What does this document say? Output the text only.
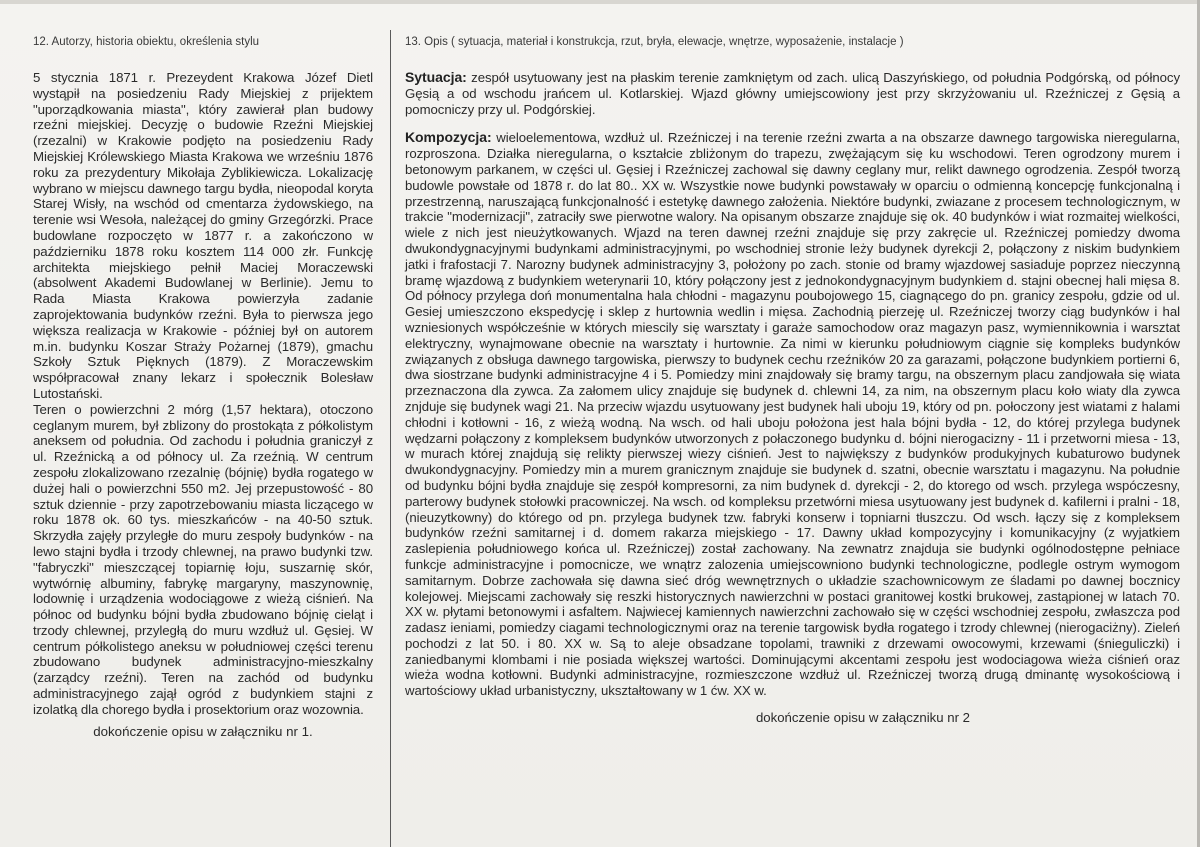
12. Autorzy, historia obiektu, określenia stylu

5 stycznia 1871 r. Prezeydent Krakowa Józef Dietl wystąpił na posiedzeniu Rady Miejskiej z prijektem "uporządkowania miasta", który zawierał plan budowy rzeźni miejskiej. Decyzję o budowie Rzeźni Miejskiej (rzezalni) w Krakowie podjęto na posiedzeniu Rady Miejskiej Królewskiego Miasta Krakowa we wrześniu 1876 roku za prezydentury Mikołaja Zyblikiewicza. Lokalizację wybrano w miejscu dawnego targu bydła, nieopodal koryta Starej Wisły, na wschód od cmentarza żydowskiego, na terenie wsi Wesoła, należącej do gminy Grzegórzki. Prace budowlane rozpoczęto w 1877 r. a zakończono w październiku 1878 roku kosztem 114 000 złr. Funkcję architekta miejskiego pełnił Maciej Moraczewski (absolwent Akademi Budowlanej w Berlinie). Jemu to Rada Miasta Krakowa powierzyła zadanie zaprojektowania budynków rzeźni. Była to pierwsza jego większa realizacja w Krakowie - później był on autorem m.in. budynku Koszar Straży Pożarnej (1879), gmachu Szkoły Sztuk Pięknych (1879). Z Moraczewskim współpracował znany lekarz i społecznik Bolesław Lutostański.

Teren o powierzchni 2 mórg (1,57 hektara), otoczono ceglanym murem, był zblizony do prostokąta z półkolistym aneksem od południa. Od zachodu i południa graniczył z ul. Rzeźnicką a od północy ul. Za rzeźnią. W centrum zespołu zlokalizowano rzezalnię (bójnię) bydła rogatego w dużej hali o powierzchni 550 m2. Jej przepustowość - 80 sztuk dziennie - przy zapotrzebowaniu miasta liczącego w roku 1878 ok. 60 tys. mieszkańców - na 40-50 sztuk. Skrzydła zajęły przyległe do muru zespoły budynków - na lewo stajni bydła i trzody chlewnej, na prawo budynki tzw. "fabryczki" mieszczącej topiarnię łoju, suszarnię skór, wytwórnię albuminy, fabrykę margaryny, maszynownię, lodownię i urządzenia wodociągowe z wieżą ciśnień. Na północ od budynku bójni bydła zbudowano bójnię cieląt i trzody chlewnej, przyległą do muru wzdłuż ul. Gęsiej. W centrum półkolistego aneksu w południowej części terenu zbudowano budynek administracyjno-mieszkalny (zarządcy rzeźni). Teren na zachód od budynku administracyjnego zajął ogród z budynkiem stajni z izolatką dla chorego bydła i prosektorium oraz wozownia.

dokończenie opisu w załączniku nr 1.
13. Opis ( sytuacja, materiał i konstrukcja, rzut, bryła, elewacje, wnętrze, wyposażenie, instalacje )
Sytuacja: zespół usytuowany jest na płaskim terenie zamkniętym od zach. ulicą Daszyńskiego, od południa Podgórską, od północy Gęsią a od wschodu jrańcem ul. Kotlarskiej. Wjazd główny umiejscowiony jest przy skrzyżowaniu ul. Rzeźniczej z Gęsią a pomocniczy przy ul. Podgórskiej.
Kompozycja: wieloelementowa, wzdłuż ul. Rzeźniczej i na terenie rzeźni zwarta a na obszarze dawnego targowiska nieregularna, rozproszona. Działka nieregularna, o kształcie zbliżonym do trapezu, zwężającym się ku wschodowi. Teren ogrodzony murem i betonowym parkanem, w części ul. Gęsiej i Rzeźniczej zachowal się dawny ceglany mur, relikt dawnego ogrodzenia. Zespół tworzą budowle powstałe od 1878 r. do lat 80.. XX w. Wszystkie nowe budynki powstawały w oparciu o odmienną koncepcję funkcjonalną i przestrzenną, naruszającą funkcjonalność i estetykę dawnego założenia. Niektóre budynki, zwiazane z procesem technologicznym, w trakcie "modernizacji", zatraciły swe pierwotne walory. Na opisanym obszarze znajduje się ok. 40 budynków i wiat rozmaitej wielkości, wiele z nich jest nieużytkowanych. Wjazd na teren dawnej rzeźni znajduje się przy zakręcie ul. Rzeźniczej pomiedzy dwoma dwukondygnacyjnymi budynkami administracyjnymi, po wschodniej stronie leży budynek dyrekcji 2, połączony z niskim budynkiem jatki i frafostacji 7. Narozny budynek administracyjny 3, położony po zach. stonie od bramy wjazdowej sasiaduje poprzez nieczynną bramę wjazdową z budynkiem weterynarii 10, który połączony jest z jednokondygnacyjnym budynkiem d. stajni obecnej hali mięsa 8. Od północy przylega doń monumentalna hala chłodni - magazynu poubojowego 15, ciagnącego do pn. granicy zespołu, gdzie od ul. Gesiej umieszczono ekspedycję i sklep z hurtownia wedlin i mięsa. Zachodnią pierzeję ul. Rzeźniczej tworzy ciąg budynków i hal wzniesionych współcześnie w których miescily się warsztaty i garaże samochodow oraz magazyn pasz, wymiennikownia i warsztat elektryczny, wynajmowane obecnie na warsztaty i hurtownie. Za nimi w kierunku południowym ciągnie się kompleks budynków związanych z obsługa dawnego targowiska, pierwszy to budynek cechu rzeźników 20 za garazami, połączone budynkiem portierni 6, dwa siostrzane budynki administracyjne 4 i 5. Pomiedzy mini znajdowały się bramy targu, na obszernym placu zandjowała się wiata przeznaczona dla zywca. Za załomem ulicy znajduje się budynek d. chlewni 14, za nim, na obszernym placu koło wiaty dla zywca znjduje się budynek wagi 21. Na przeciw wjazdu usytuowany jest budynek hali uboju 19, który od pn. połoczony jest wiatami z halami chłodni i kotłowni - 16, z wieżą wodną. Na wsch. od hali uboju położona jest hala bójni bydła - 12, do której przylega budynek wędzarni połączony z kompleksem budynków utworzonych z połaczonego budynku d. bójni nierogacizny - 11 i przetworni miesa - 13, w murach której znajdują się relikty pierwszej wiezy ciśnień. Jest to największy z budynków produkyjnych kubaturowo budynek dwukondygnacyjny. Pomiedzy min a murem granicznym znajduje sie budynek d. szatni, obecnie warsztatu i magazynu. Na południe od budynku bójni bydła znajduje się zespół kompresorni, za nim budynek d. dyrekcji - 2, do ktorego od wsch. przylega wspóczesny, parterowy budynek stołowki pracowniczej. Na wsch. od kompleksu przetwórni miesa usytuowany jest budynek d. kafilerni i pralni - 18, (nieuzytkowny) do którego od pn. przylega budynek tzw. fabryki konserw i topniarni tłuszczu. Od wsch. łączy się z kompleksem budynków rzeźni samitarnej i d. domem rakarza miejskiego - 17. Dawny układ kompozycyjny i komunikacyjny (z wyjatkiem zaslepienia południowego końca ul. Rzeźniczej) został zachowany. Na zewnatrz znajduja sie budynki ogólnodostępne pełniace funkcje administracyjne i pomocnicze, we wnątrz zalozenia umiejscowniono budynki technologiczne, podlegle ostrym wymogom samitarnym. Dobrze zachowała się dawna sieć dróg wewnętrznych o układzie szachownicowym ze śladami po dawnej bocznicy kolejowej. Miejscami zachowały się reszki historycznych nawierzchni w postaci granitowej kostki brukowej, zastąpionej w latach 70. XX w. płytami betonowymi i asfaltem. Najwiecej kamiennych nawierzchni zachowało się w części wschodniej zespołu, zwłaszcza pod zadasz ieniami, pomiedzy ciagami technologicznymi oraz na terenie targowisk bydła rogatego i tzrody chlewnej (nierogaciżny). Zieleń pochodzi z lat 50. i 80. XX w. Są to aleje obsadzane topolami, trawniki z drzewami owocowymi, krzewami (śnieguliczki) i zaniedbanymi klombami i nie posiada większej wartości. Dominującymi akcentami zespołu jest wodociagowa wieża ciśnień oraz wieża wodna kotłowni. Budynki administracyjne, rozmieszczone wzdłuż ul. Rzeźniczej tworzą drugą dminantę wysokościową i wartościowy układ urbanistyczny, ukształtowany w 1 ćw. XX w.
dokończenie opisu w załączniku nr 2
